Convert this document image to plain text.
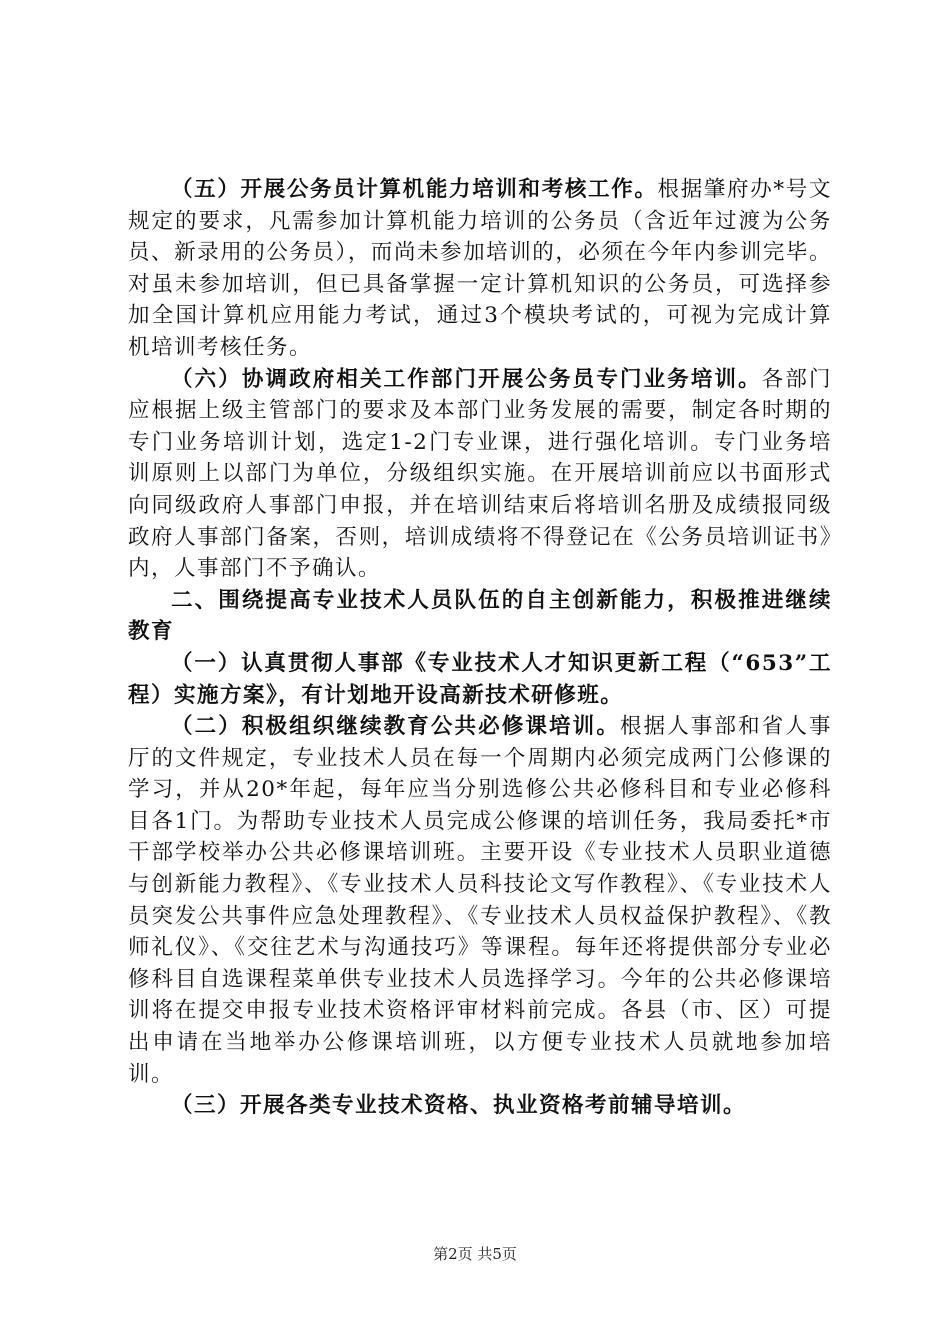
（五）开展公务员计算机能力培训和考核工作。根据肇府办*号文规定的要求，凡需参加计算机能力培训的公务员（含近年过渡为公务员、新录用的公务员），而尚未参加培训的，必须在今年内参训完毕。对虽未参加培训，但已具备掌握一定计算机知识的公务员，可选择参加全国计算机应用能力考试，通过3个模块考试的，可视为完成计算机培训考核任务。

（六）协调政府相关工作部门开展公务员专门业务培训。各部门应根据上级主管部门的要求及本部门业务发展的需要，制定各时期的专门业务培训计划，选定1-2门专业课，进行强化培训。专门业务培训原则上以部门为单位，分级组织实施。在开展培训前应以书面形式向同级政府人事部门申报，并在培训结束后将培训名册及成绩报同级政府人事部门备案，否则，培训成绩将不得登记在《公务员培训证书》内，人事部门不予确认。

二、围绕提高专业技术人员队伍的自主创新能力，积极推进继续教育

（一）认真贯彻人事部《专业技术人才知识更新工程（“653”工程）实施方案》，有计划地开设高新技术研修班。

（二）积极组织继续教育公共必修课培训。根据人事部和省人事厅的文件规定，专业技术人员在每一个周期内必须完成两门公修课的学习，并从20*年起，每年应当分别选修公共必修科目和专业必修科目各1门。为帮助专业技术人员完成公修课的培训任务，我局委托*市干部学校举办公共必修课培训班。主要开设《专业技术人员职业道德与创新能力教程》、《专业技术人员科技论文写作教程》、《专业技术人员突发公共事件应急处理教程》、《专业技术人员权益保护教程》、《教师礼仪》、《交往艺术与沟通技巧》等课程。每年还将提供部分专业必修科目自选课程菜单供专业技术人员选择学习。今年的公共必修课培训将在提交申报专业技术资格评审材料前完成。各县（市、区）可提出申请在当地举办公修课培训班，以方便专业技术人员就地参加培训。

（三）开展各类专业技术资格、执业资格考前辅导培训。

第2页 共5页
